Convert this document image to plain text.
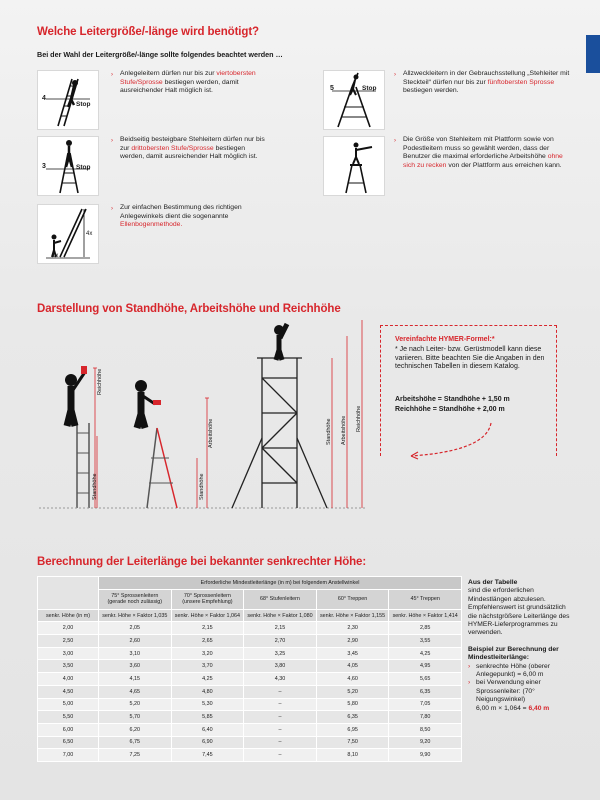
Welche Leitergröße/-länge wird benötigt?
Bei der Wahl der Leitergröße/-länge sollte folgendes beachtet werden …
4
Stop
› Anlegeleitern dürfen nur bis zur viertobersten Stufe/Sprosse bestiegen werden, damit ausreichender Halt möglich ist.
3	Stop
› Beidseitig besteigbare Stehleitern dürfen nur bis zur drittobersten Stufe/Sprosse bestiegen werden, damit ausreichender Halt möglich ist.
4x
1x
› Zur einfachen Bestimmung des richtigen Anlegewinkels dient die sogenannte Ellenbogenmethode.
5	Stop
› Allzweckleitern in der Gebrauchsstellung „Stehleiter mit Steckteil“ dürfen nur bis zur fünftobersten Sprosse bestiegen werden.
› Die Größe von Stehleitern mit Plattform sowie von Podestleitern muss so gewählt werden, dass der Benutzer die maximal erforderliche Arbeitshöhe ohne sich zu recken von der Plattform aus erreichen kann.
Darstellung von Standhöhe, Arbeitshöhe und Reichhöhe
Reichhöhe
Standhöhe
Arbeitshöhe
Standhöhe
Standhöhe Arbeitshöhe Reichhöhe
Vereinfachte HYMER-Formel:*
* Je nach Leiter- bzw. Gerüstmodell kann diese variieren. Bitte beachten Sie die Angaben in den technischen Tabellen in diesem Katalog.
Arbeitshöhe = Standhöhe + 1,50 m
Reichhöhe = Standhöhe + 2,00 m
Berechnung der Leiterlänge bei bekannter senkrechter Höhe:
	Erforderliche Mindestleiterlänge (in m) bei folgendem Anstellwinkel				
	75° Sprossenleitern
(gerade noch zulässig)	70° Sprossenleitern
(unsere Empfehlung)	68° Stufenleitern	60° Treppen	45° Treppen
senkr. Höhe (in m)	senkr. Höhe × Faktor 1,035	senkr. Höhe × Faktor 1,064	senkr. Höhe × Faktor 1,080	senkr. Höhe × Faktor 1,155	senkr. Höhe × Faktor 1,414
2,00	2,05	2,15	2,15	2,30	2,85
2,50	2,60	2,65	2,70	2,90	3,55
3,00	3,10	3,20	3,25	3,45	4,25
3,50	3,60	3,70	3,80	4,05	4,95
4,00	4,15	4,25	4,30	4,60	5,65
4,50	4,65	4,80	–	5,20	6,35
5,00	5,20	5,30	–	5,80	7,05
5,50	5,70	5,85	–	6,35	7,80
6,00	6,20	6,40	–	6,95	8,50
6,50	6,75	6,90	–	7,50	9,20
7,00	7,25	7,45	–	8,10	9,90
Aus der Tabelle
sind die erforderlichen Mindestlängen abzulesen. Empfehlenswert ist grundsätzlich die nächstgrößere Leiterlänge des HYMER-Lieferprogrammes zu verwenden.
Beispiel zur Berechnung der Mindestleiterlänge:
› senkrechte Höhe (oberer Anlegepunkt) = 6,00 m
› bei Verwendung einer Sprossenleiter: (70° Neigungswinkel)
6,00 m × 1,064 = 6,40 m
